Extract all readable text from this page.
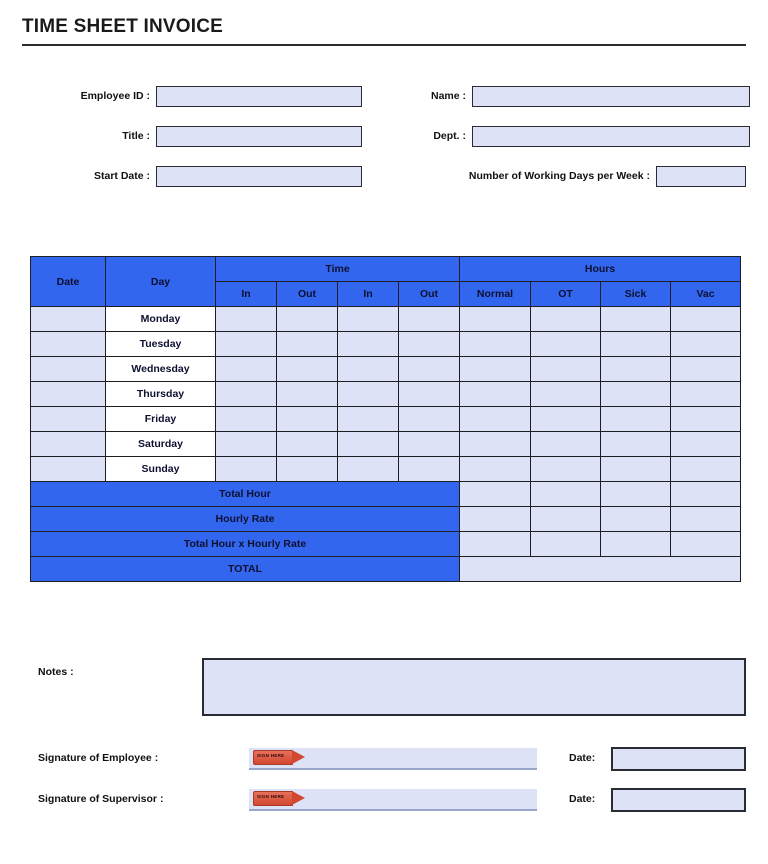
TIME SHEET INVOICE
Employee ID :
Title :
Start Date :
Name :
Dept. :
Number of Working Days per Week :
Date	Day	Time				Hours			
		In	Out	In	Out	Normal	OT	Sick	Vac
	Monday								
	Tuesday								
	Wednesday								
	Thursday								
	Friday								
	Saturday								
	Sunday								
Total Hour									
Hourly Rate									
Total Hour x Hourly Rate									
TOTAL									
Notes :
Signature of Employee :	SIGN HERE	Date:
Signature of Supervisor :	SIGN HERE	Date:
